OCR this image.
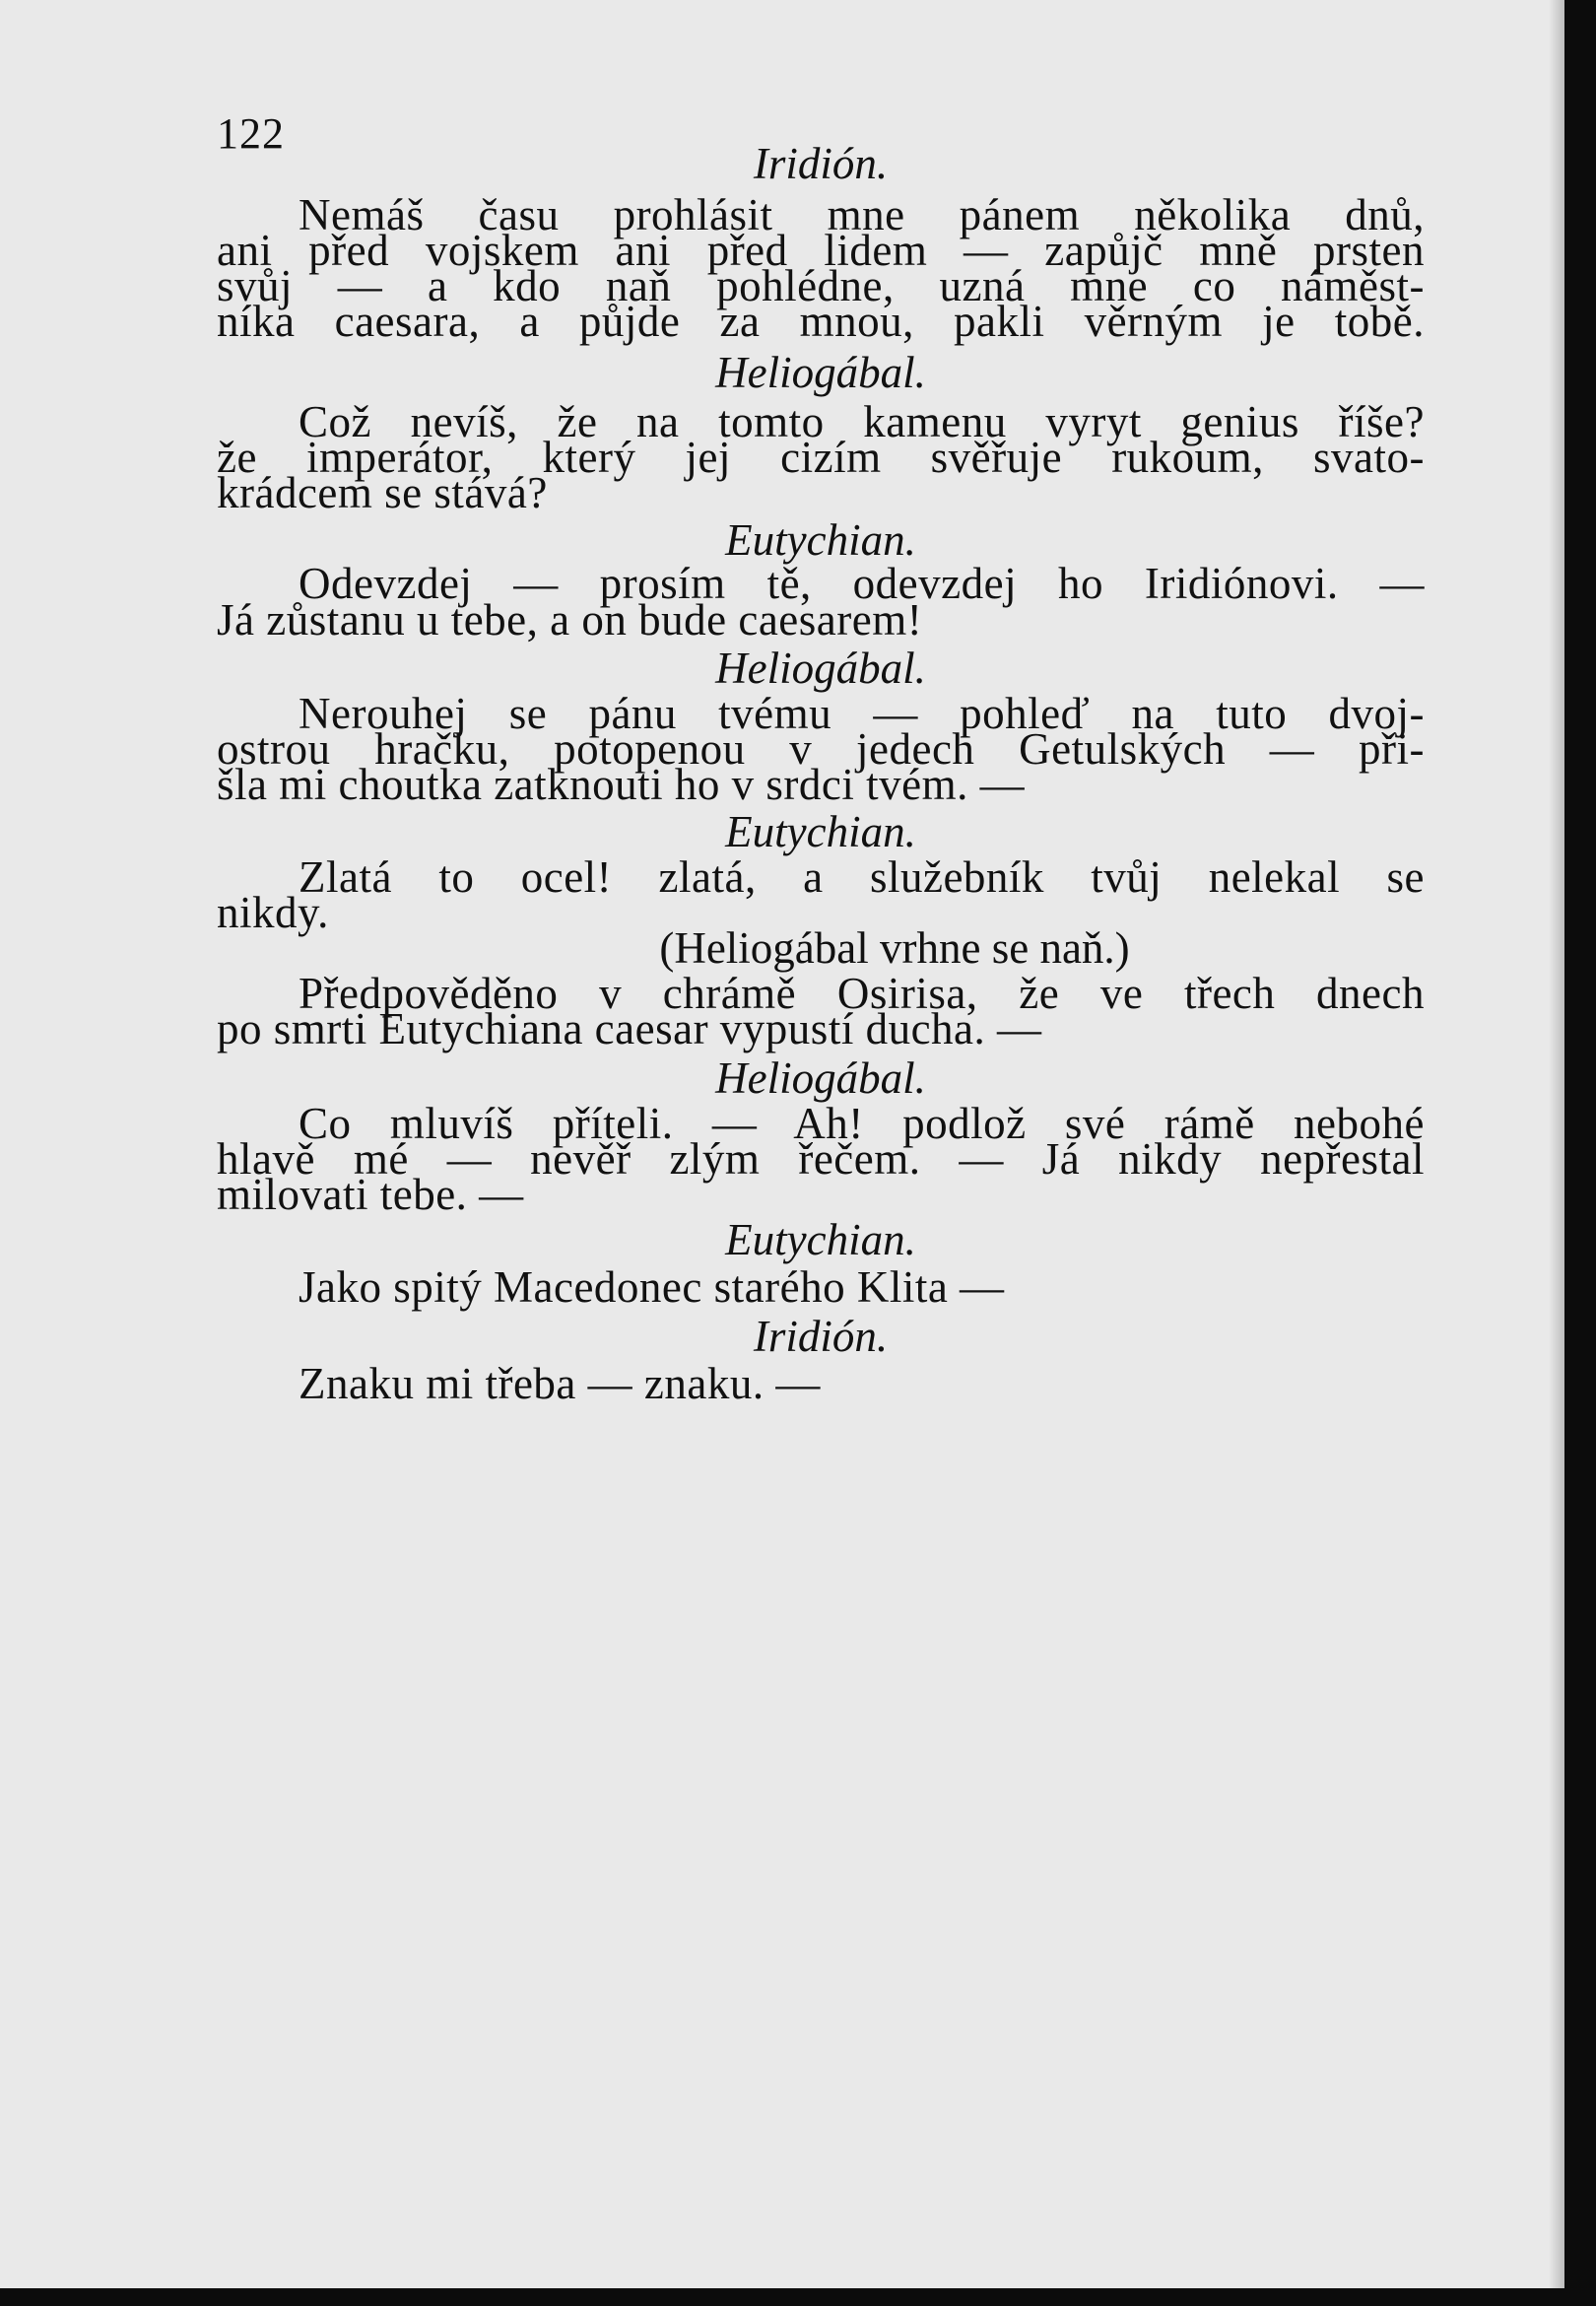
122
Iridión.
Nemáš času prohlásit mne pánem několika dnů,
ani před vojskem ani před lidem — zapůjč mně prsten
svůj — a kdo naň pohlédne, uzná mne co náměst-
níka caesara, a půjde za mnou, pakli věrným je tobě.
Heliogábal.
Což nevíš, že na tomto kamenu vyryt genius říše?
že imperátor, který jej cizím svěřuje rukoum, svato-
krádcem se stává?
Eutychian.
Odevzdej — prosím tě, odevzdej ho Iridiónovi. —
Já zůstanu u tebe, a on bude caesarem!
Heliogábal.
Nerouhej se pánu tvému — pohleď na tuto dvoj-
ostrou hračku, potopenou v jedech Getulských — při-
šla mi choutka zatknouti ho v srdci tvém. —
Eutychian.
Zlatá to ocel! zlatá, a služebník tvůj nelekal se
nikdy.
(Heliogábal vrhne se naň.)
Předpověděno v chrámě Osirisa, že ve třech dnech
po smrti Eutychiana caesar vypustí ducha. —
Heliogábal.
Co mluvíš příteli. — Ah! podlož své rámě nebohé
hlavě mé — nevěř zlým řečem. — Já nikdy nepřestal
milovati tebe. —
Eutychian.
Jako spitý Macedonec starého Klita —
Iridión.
Znaku mi třeba — znaku. —
